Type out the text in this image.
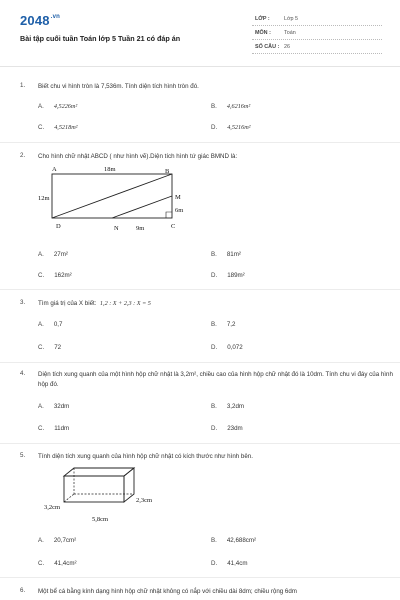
$2048^{.vn}$
Bài tập cuối tuần Toán lớp 5 Tuần 21 có đáp án
LỚP :	Lớp 5
MÔN : Toán
SỐ CÂU : 26
1. Biết chu vi hình tròn là 7,536m. Tính diện tích hình tròn đó.
A. 4,5226m²	B. 4,6216m²
C. 4,5218m²	D. 4,5216m²
2. Cho hình chữ nhật ABCD ( như hình vẽ).Diện tích hình tứ giác BMND là:
A	B
18m
12m	M
6m
D	N	9m	C
A. 27m²	B. 81m²
C. 162m²	D. 189m²
3. Tìm giá trị của X biết: 1,2 : X + 2,3 : X = 5
A. 0,7	B. 7,2
C. 72	D. 0,072
4. Diện tích xung quanh của một hình hộp chữ nhật là 3,2m², chiều cao của hình hộp chữ nhật đó là 10dm. Tính chu vi đáy của hình hộp đó.
A. 32dm	B. 3,2dm
C. 11dm	D. 23dm
5. Tính diện tích xung quanh của hình hộp chữ nhật có kích thước như hình bên.
3,2cm
2,3cm
5,8cm
A. 20,7cm²	B. 42,688cm²
C. 41,4cm²	D. 41,4cm
6. Một bể cá bằng kính dạng hình hộp chữ nhật không có nắp với chiều dài 8dm; chiều rộng 6dm
